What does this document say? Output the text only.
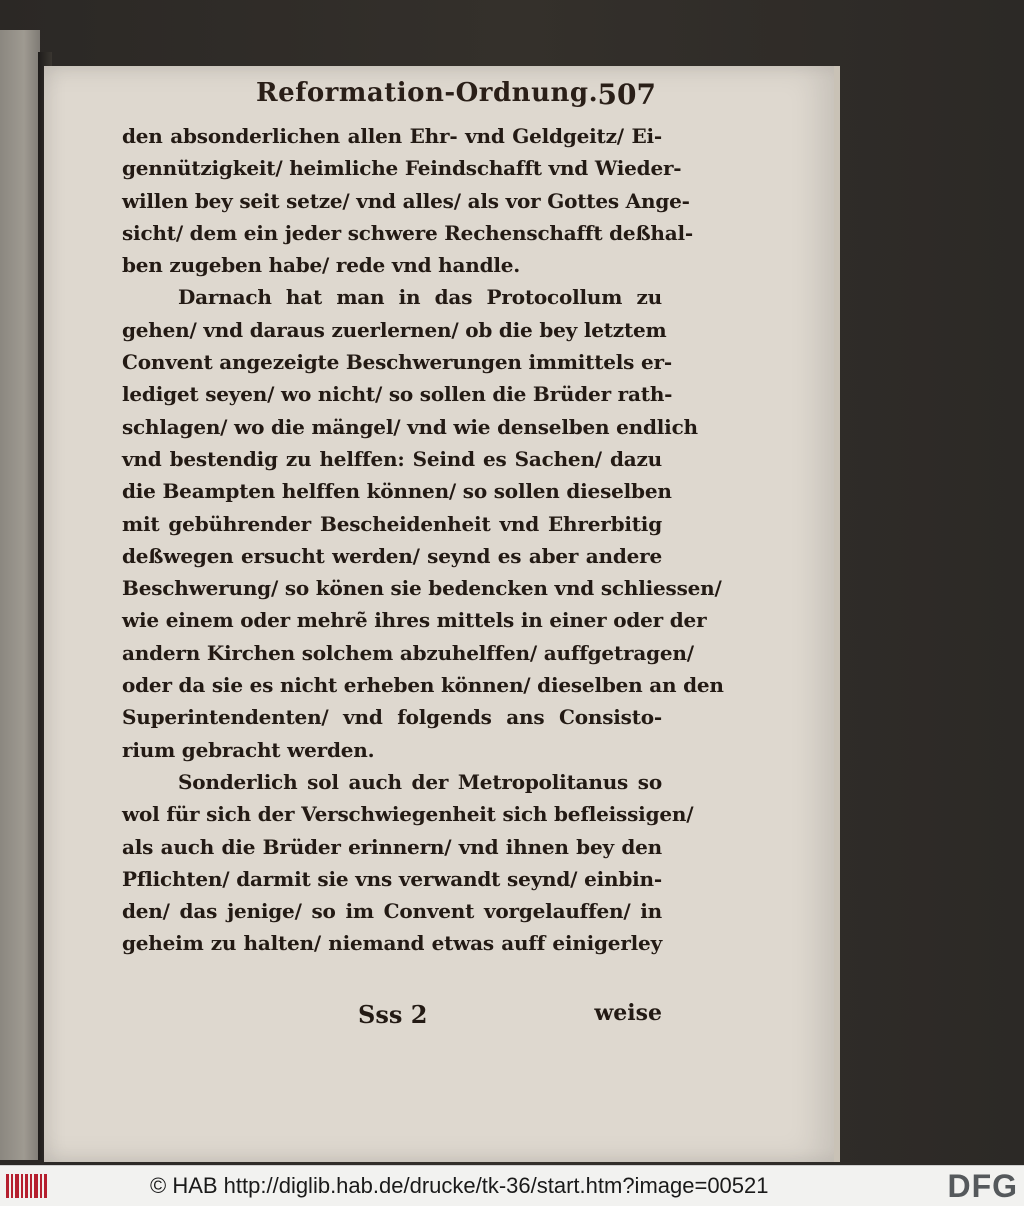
Reformation-Ordnung. 507
den absonderlichen allen Ehr- vnd Geldgeitz/ Ei-
gennützigkeit/ heimliche Feindschafft vnd Wieder-
willen bey seit setze/ vnd alles/ als vor Gottes Ange-
sicht/ dem ein jeder schwere Rechenschafft deßhal-
ben zugeben habe/ rede vnd handle.
Darnach hat man in das Protocollum zu
gehen/ vnd daraus zuerlernen/ ob die bey letztem
Convent angezeigte Beschwerungen immittels er-
lediget seyen/ wo nicht/ so sollen die Brüder rath-
schlagen/ wo die mängel/ vnd wie denselben endlich
vnd bestendig zu helffen: Seind es Sachen/ dazu
die Beampten helffen können/ so sollen dieselben
mit gebührender Bescheidenheit vnd Ehrerbitig
deßwegen ersucht werden/ seynd es aber andere
Beschwerung/ so könen sie bedencken vnd schliessen/
wie einem oder mehrẽ ihres mittels in einer oder der
andern Kirchen solchem abzuhelffen/ auffgetragen/
oder da sie es nicht erheben können/ dieselben an den
Superintendenten/ vnd folgends ans Consisto-
rium gebracht werden.
Sonderlich sol auch der Metropolitanus so
wol für sich der Verschwiegenheit sich befleissigen/
als auch die Brüder erinnern/ vnd ihnen bey den
Pflichten/ darmit sie vns verwandt seynd/ einbin-
den/ das jenige/ so im Convent vorgelauffen/ in
geheim zu halten/ niemand etwas auff einigerley
Sss 2	weise
© HAB http://diglib.hab.de/drucke/tk-36/start.htm?image=00521	DFG
